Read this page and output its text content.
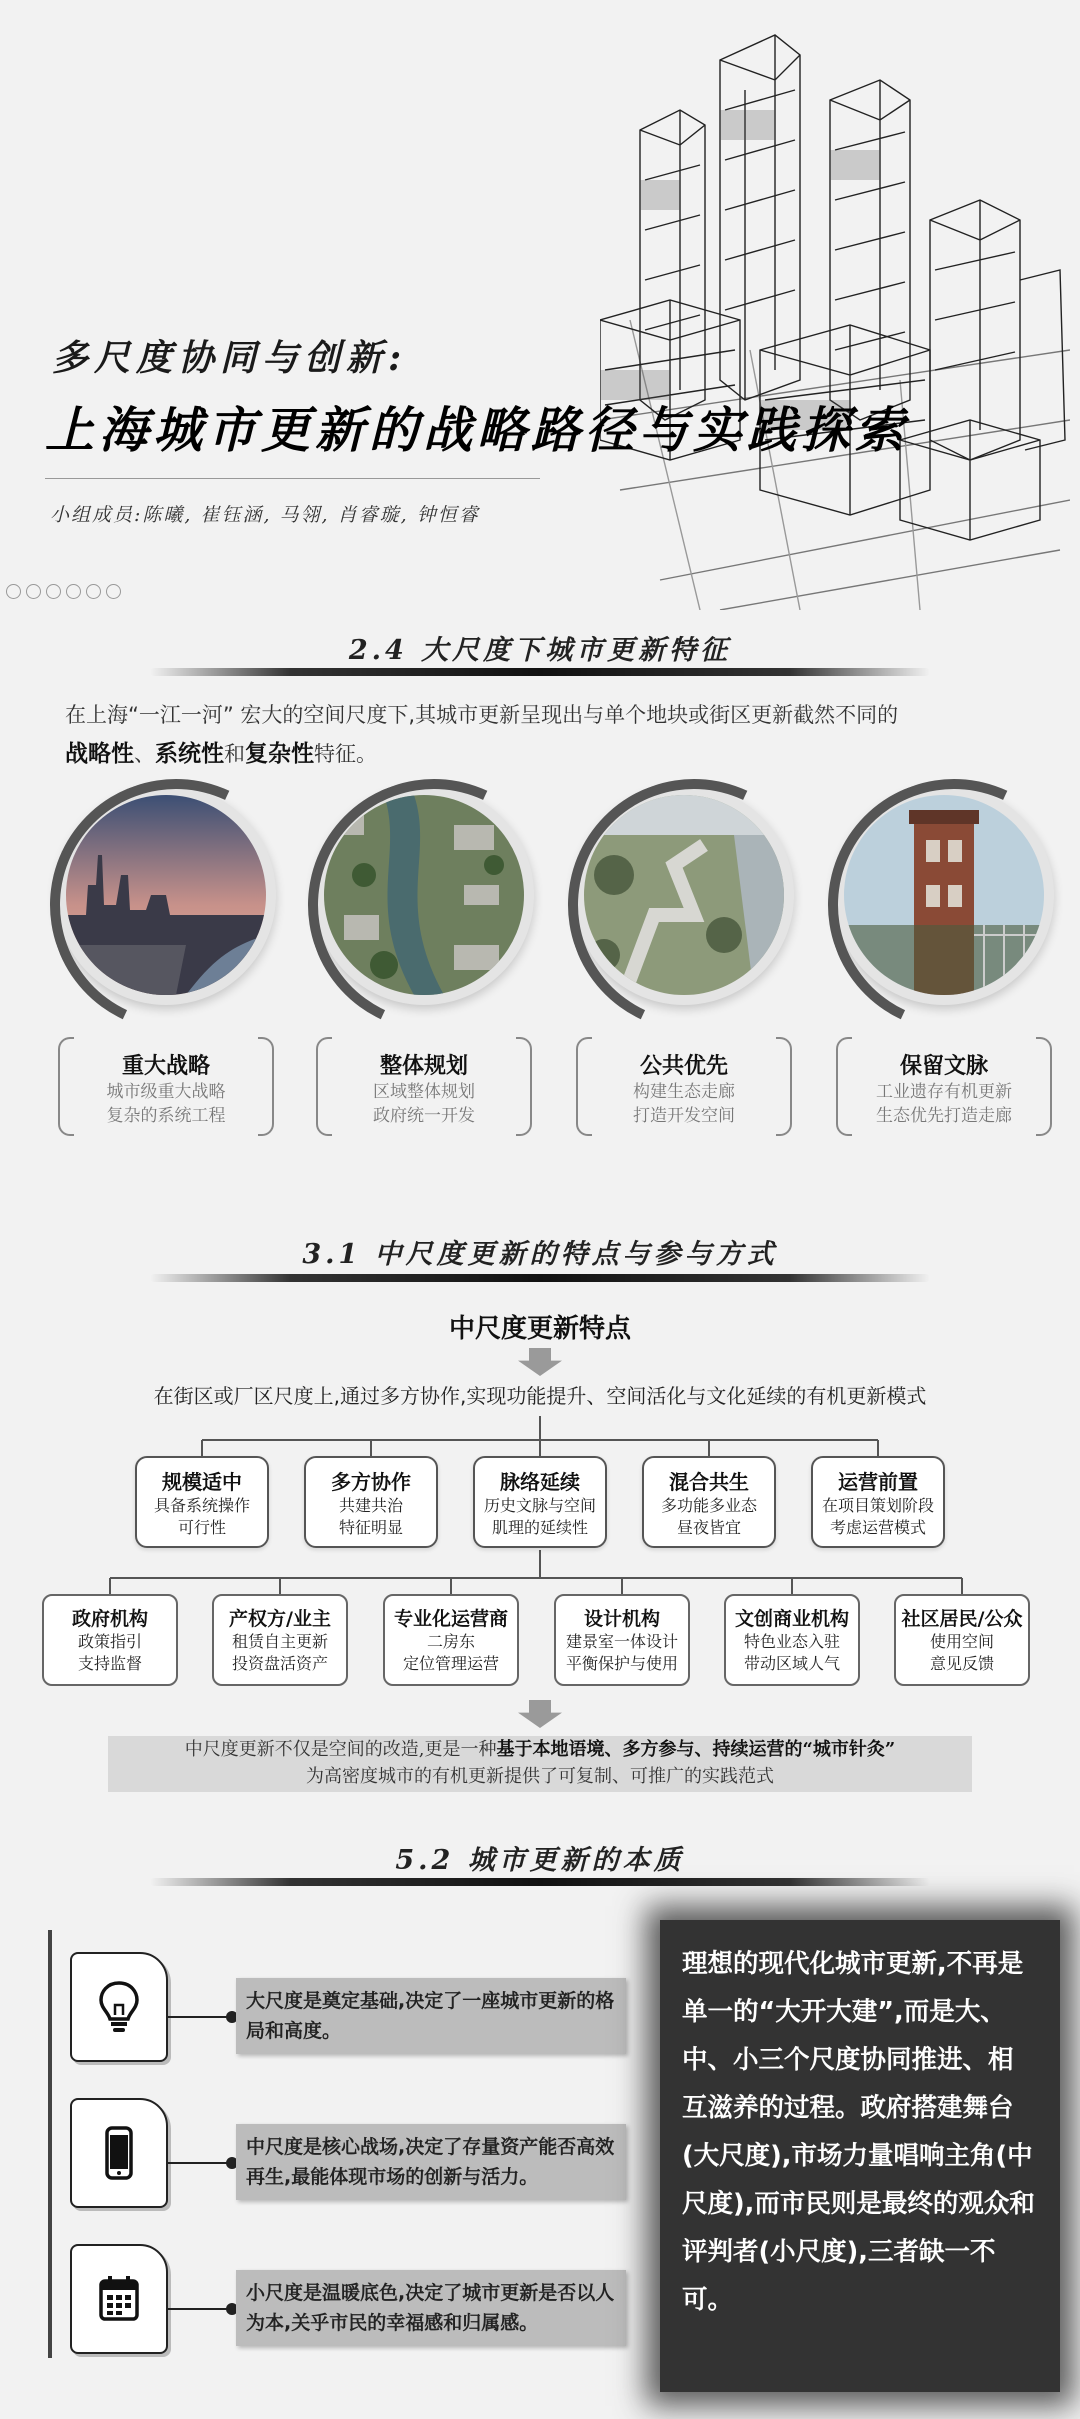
多尺度协同与创新:
上海城市更新的战略路径与实践探索
小组成员:陈曦, 崔钰涵, 马翎, 肖睿璇, 钟恒睿
2.4 大尺度下城市更新特征
在上海“一江一河” 宏大的空间尺度下,其城市更新呈现出与单个地块或街区更新截然不同的
战略性、系统性和复杂性特征。
重大战略
城市级重大战略
复杂的系统工程
整体规划
区域整体规划
政府统一开发
公共优先
构建生态走廊
打造开发空间
保留文脉
工业遗存有机更新
生态优先打造走廊
3.1 中尺度更新的特点与参与方式
中尺度更新特点
在街区或厂区尺度上,通过多方协作,实现功能提升、空间活化与文化延续的有机更新模式
规模适中
具备系统操作
可行性
多方协作
共建共治
特征明显
脉络延续
历史文脉与空间
肌理的延续性
混合共生
多功能多业态
昼夜皆宜
运营前置
在项目策划阶段
考虑运营模式
政府机构
政策指引
支持监督
产权方/业主
租赁自主更新
投资盘活资产
专业化运营商
二房东
定位管理运营
设计机构
建景室一体设计
平衡保护与使用
文创商业机构
特色业态入驻
带动区域人气
社区居民/公众
使用空间
意见反馈
中尺度更新不仅是空间的改造,更是一种基于本地语境、多方参与、持续运营的“城市针灸”
为高密度城市的有机更新提供了可复制、可推广的实践范式
5.2 城市更新的本质
大尺度是奠定基础,决定了一座城市更新的格局和高度。
中尺度是核心战场,决定了存量资产能否高效再生,最能体现市场的创新与活力。
小尺度是温暖底色,决定了城市更新是否以人为本,关乎市民的幸福感和归属感。
理想的现代化城市更新,不再是单一的“大开大建”,而是大、中、小三个尺度协同推进、相互滋养的过程。政府搭建舞台(大尺度),市场力量唱响主角(中尺度),而市民则是最终的观众和评判者(小尺度),三者缺一不可。
